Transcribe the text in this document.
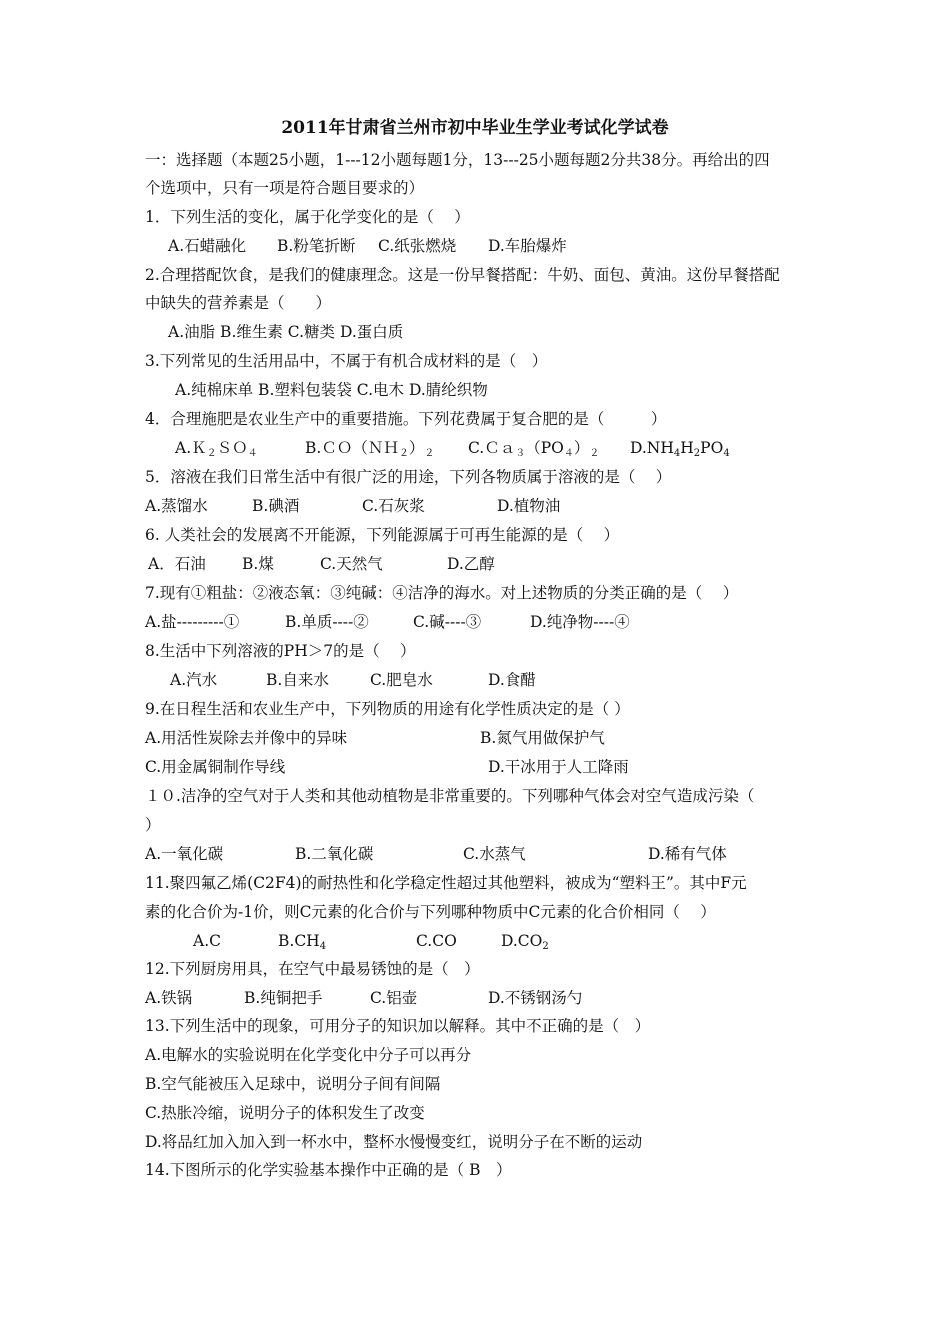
2011年甘肃省兰州市初中毕业生学业考试化学试卷
一：选择题（本题25小题，1---12小题每题1分，13---25小题每题2分共38分。再给出的四
个选项中，只有一项是符合题目要求的）
1．下列生活的变化，属于化学变化的是（　 ）

A.石蜡融化

B.粉笔折断

C.纸张燃烧

D.车胎爆炸

2.合理搭配饮食，是我们的健康理念。这是一份早餐搭配：牛奶、面包、黄油。这份早餐搭配
中缺失的营养素是（　　）
A.油脂 B.维生素 C.糖类 D.蛋白质
3.下列常见的生活用品中，不属于有机合成材料的是（　）
A.纯棉床单 B.塑料包装袋 C.电木 D.腈纶织物
4．合理施肥是农业生产中的重要措施。下列花费属于复合肥的是（　　　）

A.Ｋ$_2$ＳＯ$_4$

	$B.CO(NH_2)_2$

$C.Ca_3(PO_4)_2$

$D.NH_4H_2PO_4$

5．溶液在我们日常生活中有很广泛的用途，下列各物质属于溶液的是（　 ）

A.蒸馏水

	B.碘酒

	C.石灰浆

	D.植物油

6. 人类社会的发展离不开能源，下列能源属于可再生能源的是（　 ）

A．石油

B.煤

	C.天然气

	D.乙醇

7.现有①粗盐：②液态氧：③纯碱：④洁净的海水。对上述物质的分类正确的是（　 ）

A.盐---------①

	B.单质----②

	C.碱----③

	D.纯净物----④

8.生活中下列溶液的PH＞7的是（　 ）

A.汽水

	B.自来水

	C.肥皂水

	D.食醋

9.在日程生活和农业生产中，下列物质的用途有化学性质决定的是（ ）

A.用活性炭除去并像中的异味

	B.氮气用做保护气

C.用金属铜制作导线

	D.干冰用于人工降雨

１０.洁净的空气对于人类和其他动植物是非常重要的。下列哪种气体会对空气造成污染（
）

A.一氧化碳

	B.二氧化碳

	C.水蒸气

	D.稀有气体

11.聚四氟乙烯(C2F4)的耐热性和化学稳定性超过其他塑料，被成为“塑料王”。其中F元
素的化合价为-1价，则C元素的化合价与下列哪种物质中C元素的化合价相同（　 ）

A.C

	$B.CH_4$

	C.CO

	$D.CO_2$

12.下列厨房用具，在空气中最易锈蚀的是（　）

A.铁锅

	B.纯铜把手

	C.铝壶

	D.不锈钢汤勺

13.下列生活中的现象，可用分子的知识加以解释。其中不正确的是（　）
A.电解水的实验说明在化学变化中分子可以再分
B.空气能被压入足球中，说明分子间有间隔
C.热胀冷缩，说明分子的体积发生了改变
D.将品红加入加入到一杯水中，整杯水慢慢变红，说明分子在不断的运动
14.下图所示的化学实验基本操作中正确的是（ B　）
